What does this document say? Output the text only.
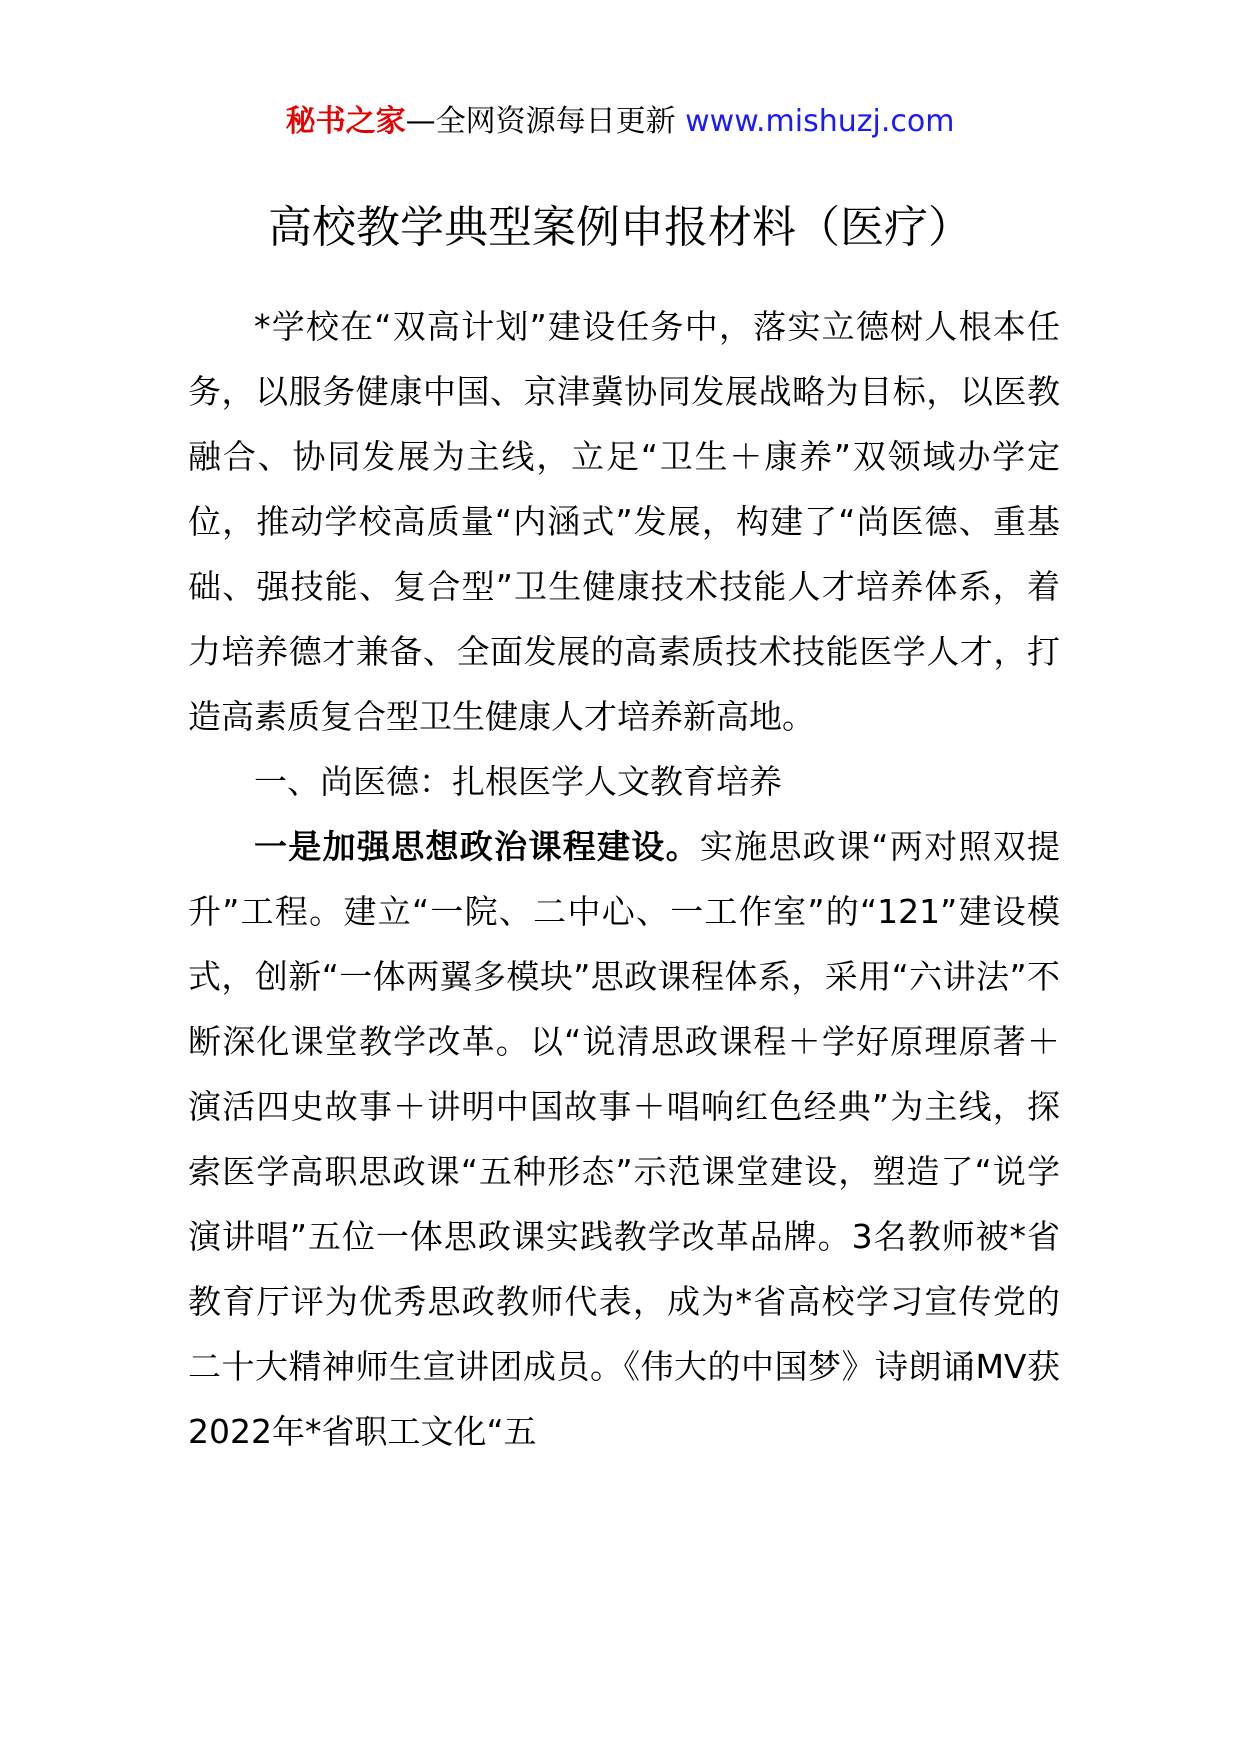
秘书之家—全网资源每日更新 www.mishuzj.com
高校教学典型案例申报材料（医疗）

*学校在“双高计划”建设任务中，落实立德树人根本任务，以服务健康中国、京津冀协同发展战略为目标，以医教融合、协同发展为主线，立足“卫生＋康养”双领域办学定位，推动学校高质量“内涵式”发展，构建了“尚医德、重基础、强技能、复合型”卫生健康技术技能人才培养体系，着力培养德才兼备、全面发展的高素质技术技能医学人才，打造高素质复合型卫生健康人才培养新高地。

一、尚医德：扎根医学人文教育培养

一是加强思想政治课程建设。实施思政课“两对照双提升”工程。建立“一院、二中心、一工作室”的“121”建设模式，创新“一体两翼多模块”思政课程体系，采用“六讲法”不断深化课堂教学改革。以“说清思政课程＋学好原理原著＋演活四史故事＋讲明中国故事＋唱响红色经典”为主线，探索医学高职思政课“五种形态”示范课堂建设，塑造了“说学演讲唱”五位一体思政课实践教学改革品牌。3名教师被*省教育厅评为优秀思政教师代表，成为*省高校学习宣传党的二十大精神师生宣讲团成员。《伟大的中国梦》诗朗诵MV获2022年*省职工文化“五
